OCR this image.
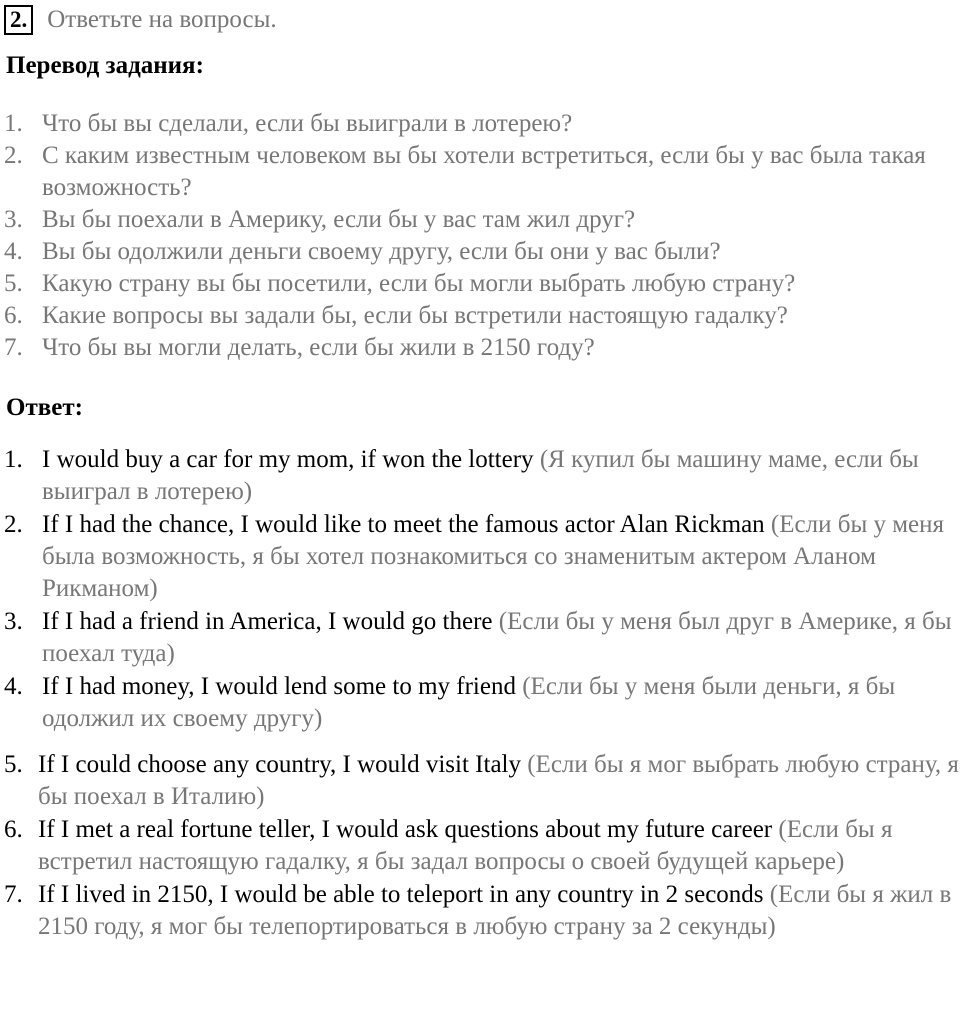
2. Ответьте на вопросы.
Перевод задания:
1. Что бы вы сделали, если бы выиграли в лотерею?
2. С каким известным человеком вы бы хотели встретиться, если бы у вас была такая возможность?
3. Вы бы поехали в Америку, если бы у вас там жил друг?
4. Вы бы одолжили деньги своему другу, если бы они у вас были?
5. Какую страну вы бы посетили, если бы могли выбрать любую страну?
6. Какие вопросы вы задали бы, если бы встретили настоящую гадалку?
7. Что бы вы могли делать, если бы жили в 2150 году?
Ответ:
1. I would buy a car for my mom, if won the lottery (Я купил бы машину маме, если бы выиграл в лотерею)
2. If I had the chance, I would like to meet the famous actor Alan Rickman (Если бы у меня была возможность, я бы хотел познакомиться со знаменитым актером Аланом Рикманом)
3. If I had a friend in America, I would go there (Если бы у меня был друг в Америке, я бы поехал туда)
4. If I had money, I would lend some to my friend (Если бы у меня были деньги, я бы одолжил их своему другу)
5. If I could choose any country, I would visit Italy (Если бы я мог выбрать любую страну, я бы поехал в Италию)
6. If I met a real fortune teller, I would ask questions about my future career (Если бы я встретил настоящую гадалку, я бы задал вопросы о своей будущей карьере)
7. If I lived in 2150, I would be able to teleport in any country in 2 seconds (Если бы я жил в 2150 году, я мог бы телепортироваться в любую страну за 2 секунды)
